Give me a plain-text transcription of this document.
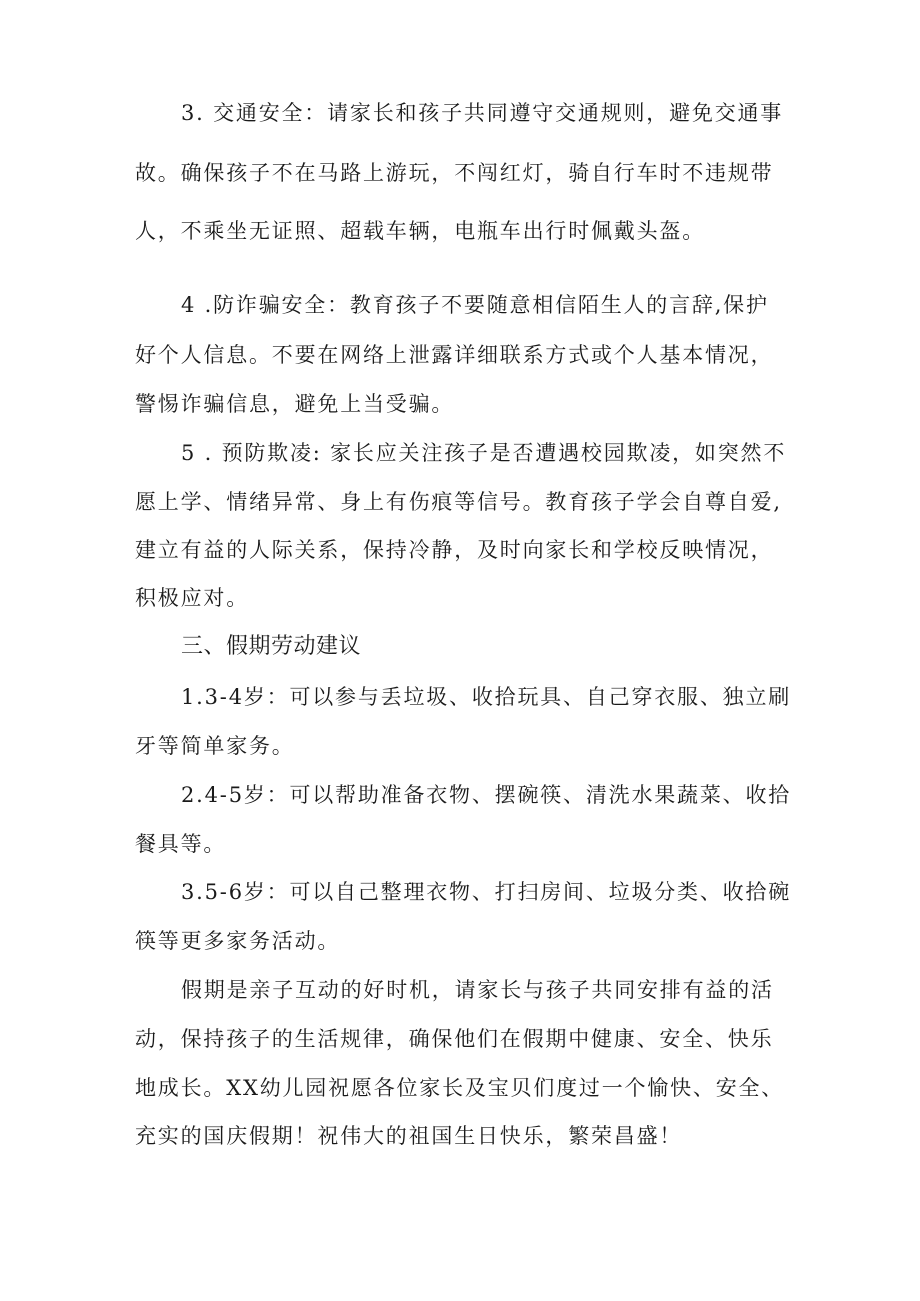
3. 交通安全：请家长和孩子共同遵守交通规则，避免交通事
故。确保孩子不在马路上游玩，不闯红灯，骑自行车时不违规带
人，不乘坐无证照、超载车辆，电瓶车出行时佩戴头盔。
4 .防诈骗安全：教育孩子不要随意相信陌生人的言辞,保护
好个人信息。不要在网络上泄露详细联系方式或个人基本情况，
警惕诈骗信息，避免上当受骗。
5 . 预防欺凌: 家长应关注孩子是否遭遇校园欺凌，如突然不
愿上学、情绪异常、身上有伤痕等信号。教育孩子学会自尊自爱,
建立有益的人际关系，保持冷静，及时向家长和学校反映情况，
积极应对。
三、假期劳动建议
1.3-4岁：可以参与丢垃圾、收拾玩具、自己穿衣服、独立刷
牙等简单家务。
2.4-5岁：可以帮助准备衣物、摆碗筷、清洗水果蔬菜、收拾
餐具等。
3.5-6岁：可以自己整理衣物、打扫房间、垃圾分类、收拾碗
筷等更多家务活动。
假期是亲子互动的好时机，请家长与孩子共同安排有益的活
动，保持孩子的生活规律，确保他们在假期中健康、安全、快乐
地成长。XX幼儿园祝愿各位家长及宝贝们度过一个愉快、安全、
充实的国庆假期！祝伟大的祖国生日快乐，繁荣昌盛！
